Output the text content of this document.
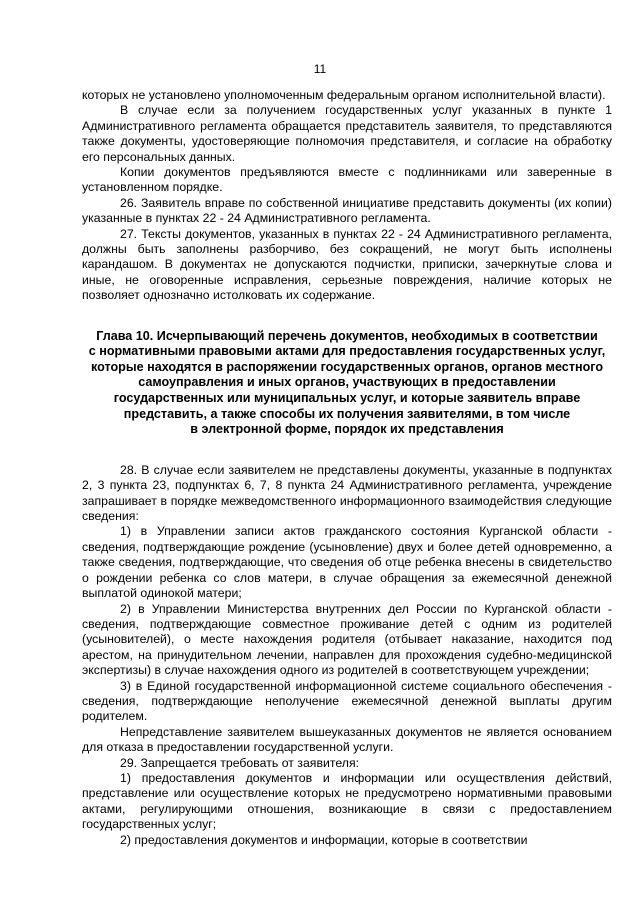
11

которых не установлено уполномоченным федеральным органом исполнительной власти).

В случае если за получением государственных услуг указанных в пункте 1 Административного регламента обращается представитель заявителя, то представляются также документы, удостоверяющие полномочия представителя, и согласие на обработку его персональных данных.

Копии документов предъявляются вместе с подлинниками или заверенные в установленном порядке.

26. Заявитель вправе по собственной инициативе представить документы (их копии) указанные в пунктах 22 - 24 Административного регламента.

27. Тексты документов, указанных в пунктах 22 - 24 Административного регламента, должны быть заполнены разборчиво, без сокращений, не могут быть исполнены карандашом. В документах не допускаются подчистки, приписки, зачеркнутые слова и иные, не оговоренные исправления, серьезные повреждения, наличие которых не позволяет однозначно истолковать их содержание.

Глава 10. Исчерпывающий перечень документов, необходимых в соответствии
с нормативными правовыми актами для предоставления государственных услуг,
которые находятся в распоряжении государственных органов, органов местного
самоуправления и иных органов, участвующих в предоставлении
государственных или муниципальных услуг, и которые заявитель вправе
представить, а также способы их получения заявителями, в том числе
в электронной форме, порядок их представления

28. В случае если заявителем не представлены документы, указанные в подпунктах 2, 3 пункта 23, подпунктах 6, 7, 8 пункта 24 Административного регламента, учреждение запрашивает в порядке межведомственного информационного взаимодействия следующие сведения:

1) в Управлении записи актов гражданского состояния Курганской области - сведения, подтверждающие рождение (усыновление) двух и более детей одновременно, а также сведения, подтверждающие, что сведения об отце ребенка внесены в свидетельство о рождении ребенка со слов матери, в случае обращения за ежемесячной денежной выплатой одинокой матери;

2) в Управлении Министерства внутренних дел России по Курганской области - сведения, подтверждающие совместное проживание детей с одним из родителей (усыновителей), о месте нахождения родителя (отбывает наказание, находится под арестом, на принудительном лечении, направлен для прохождения судебно-медицинской экспертизы) в случае нахождения одного из родителей в соответствующем учреждении;

3) в Единой государственной информационной системе социального обеспечения - сведения, подтверждающие неполучение ежемесячной денежной выплаты другим родителем.

Непредставление заявителем вышеуказанных документов не является основанием для отказа в предоставлении государственной услуги.

29. Запрещается требовать от заявителя:

1) предоставления документов и информации или осуществления действий, представление или осуществление которых не предусмотрено нормативными правовыми актами, регулирующими отношения, возникающие в связи с предоставлением государственных услуг;

2) предоставления документов и информации, которые в соответствии
